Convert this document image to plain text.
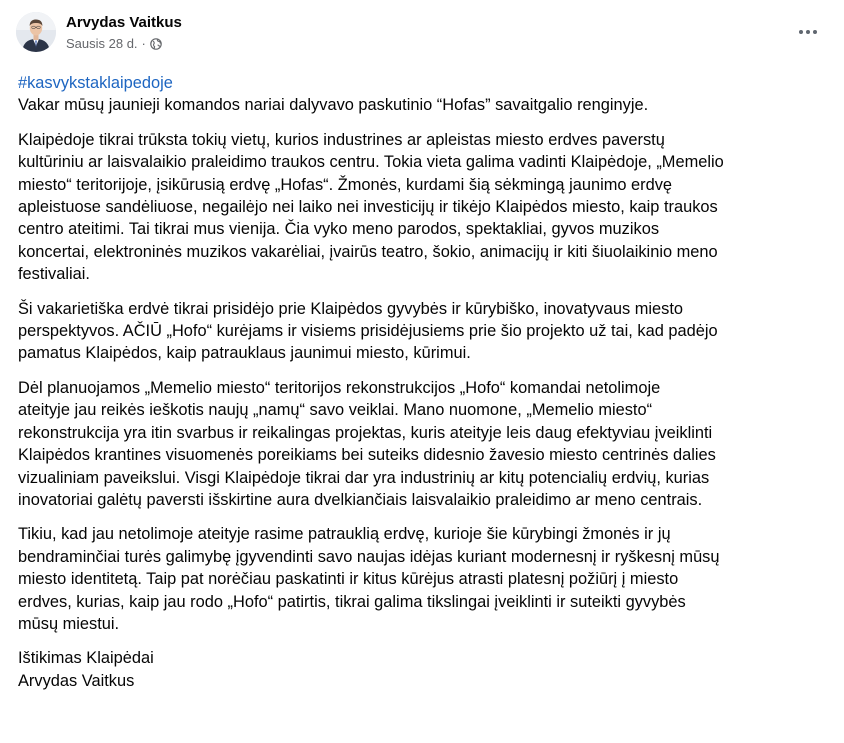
Arvydas Vaitkus
Sausis 28 d. ·
#kasvykstaklaipedoje

Vakar mūsų jaunieji komandos nariai dalyvavo paskutinio “Hofas” savaitgalio renginyje.

Klaipėdoje tikrai trūksta tokių vietų, kurios industrines ar apleistas miesto erdves paverstų
kultūriniu ar laisvalaikio praleidimo traukos centru. Tokia vieta galima vadinti Klaipėdoje, „Memelio
miesto“ teritorijoje, įsikūrusią erdvę „Hofas“. Žmonės, kurdami šią sėkmingą jaunimo erdvę
apleistuose sandėliuose, negailėjo nei laiko nei investicijų ir tikėjo Klaipėdos miesto, kaip traukos
centro ateitimi. Tai tikrai mus vienija. Čia vyko meno parodos, spektakliai, gyvos muzikos
koncertai, elektroninės muzikos vakarėliai, įvairūs teatro, šokio, animacijų ir kiti šiuolaikinio meno
festivaliai.

Ši vakarietiška erdvė tikrai prisidėjo prie Klaipėdos gyvybės ir kūrybiško, inovatyvaus miesto
perspektyvos. AČIŪ „Hofo“ kurėjams ir visiems prisidėjusiems prie šio projekto už tai, kad padėjo
pamatus Klaipėdos, kaip patrauklaus jaunimui miesto, kūrimui.

Dėl planuojamos „Memelio miesto“ teritorijos rekonstrukcijos „Hofo“ komandai netolimoje
ateityje jau reikės ieškotis naujų „namų“ savo veiklai. Mano nuomone, „Memelio miesto“
rekonstrukcija yra itin svarbus ir reikalingas projektas, kuris ateityje leis daug efektyviau įveiklinti
Klaipėdos krantines visuomenės poreikiams bei suteiks didesnio žavesio miesto centrinės dalies
vizualiniam paveikslui. Visgi Klaipėdoje tikrai dar yra industrinių ar kitų potencialių erdvių, kurias
inovatoriai galėtų paversti išskirtine aura dvelkiančiais laisvalaikio praleidimo ar meno centrais.

Tikiu, kad jau netolimoje ateityje rasime patrauklią erdvę, kurioje šie kūrybingi žmonės ir jų
bendraminčiai turės galimybę įgyvendinti savo naujas idėjas kuriant modernesnį ir ryškesnį mūsų
miesto identitetą. Taip pat norėčiau paskatinti ir kitus kūrėjus atrasti platesnį požiūrį į miesto
erdves, kurias, kaip jau rodo „Hofo“ patirtis, tikrai galima tikslingai įveiklinti ir suteikti gyvybės
mūsų miestui.

Ištikimas Klaipėdai
Arvydas Vaitkus
